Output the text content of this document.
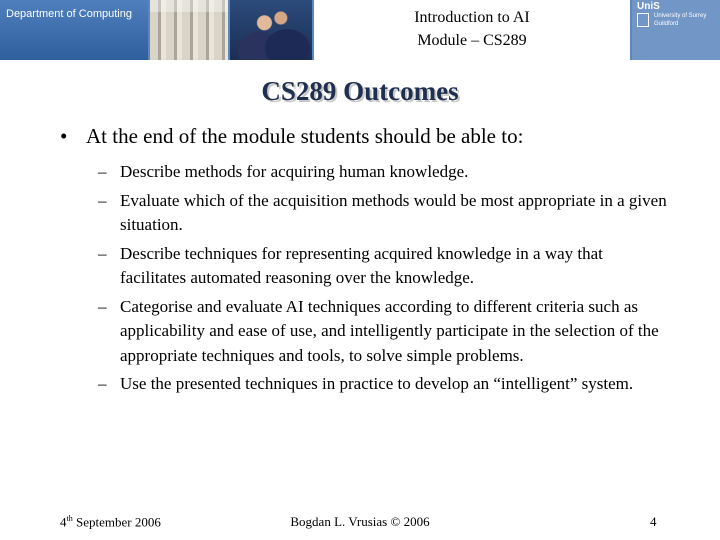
Department of Computing	Introduction to AI
Module – CS289
UniS
University of Surrey
Guildford
CS289 Outcomes
• At the end of the module students should be able to:
– Describe methods for acquiring human knowledge.
– Evaluate which of the acquisition methods would be most appropriate in a given situation.
– Describe techniques for representing acquired knowledge in a way that facilitates automated reasoning over the knowledge.
– Categorise and evaluate AI techniques according to different criteria such as applicability and ease of use, and intelligently participate in the selection of the appropriate techniques and tools, to solve simple problems.
– Use the presented techniques in practice to develop an “intelligent” system.
4th September 2006	Bogdan L. Vrusias © 2006	4
